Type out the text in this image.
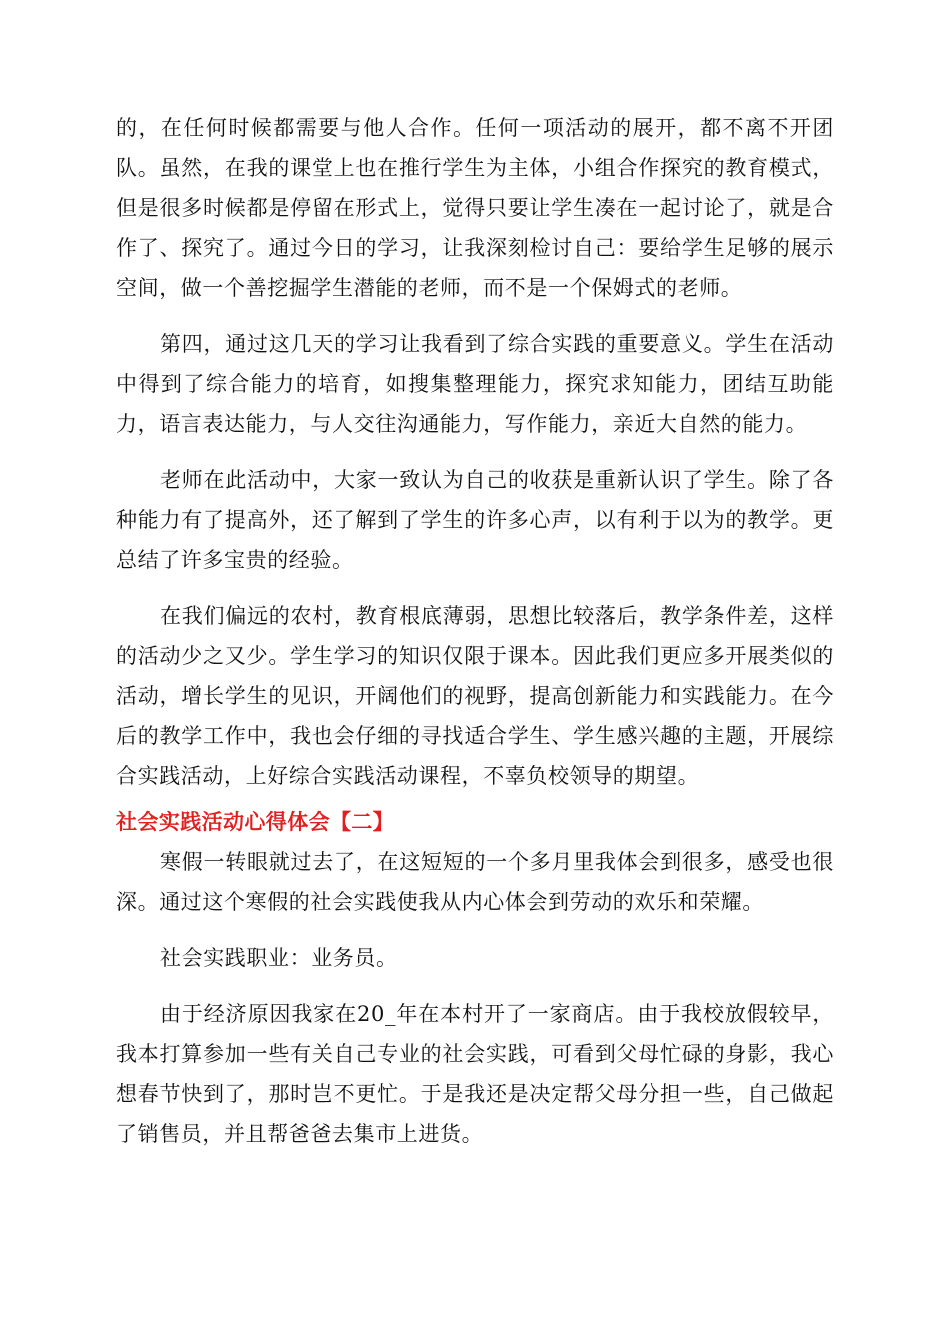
的，在任何时候都需要与他人合作。任何一项活动的展开，都不离不开团队。虽然，在我的课堂上也在推行学生为主体，小组合作探究的教育模式，但是很多时候都是停留在形式上，觉得只要让学生凑在一起讨论了，就是合作了、探究了。通过今日的学习，让我深刻检讨自己：要给学生足够的展示空间，做一个善挖掘学生潜能的老师，而不是一个保姆式的老师。

第四，通过这几天的学习让我看到了综合实践的重要意义。学生在活动中得到了综合能力的培育，如搜集整理能力，探究求知能力，团结互助能力，语言表达能力，与人交往沟通能力，写作能力，亲近大自然的能力。

老师在此活动中，大家一致认为自己的收获是重新认识了学生。除了各种能力有了提高外，还了解到了学生的许多心声，以有利于以为的教学。更总结了许多宝贵的经验。

在我们偏远的农村，教育根底薄弱，思想比较落后，教学条件差，这样的活动少之又少。学生学习的知识仅限于课本。因此我们更应多开展类似的活动，增长学生的见识，开阔他们的视野，提高创新能力和实践能力。在今后的教学工作中，我也会仔细的寻找适合学生、学生感兴趣的主题，开展综合实践活动，上好综合实践活动课程，不辜负校领导的期望。

社会实践活动心得体会【二】

寒假一转眼就过去了，在这短短的一个多月里我体会到很多，感受也很深。通过这个寒假的社会实践使我从内心体会到劳动的欢乐和荣耀。

社会实践职业：业务员。

由于经济原因我家在20_年在本村开了一家商店。由于我校放假较早，我本打算参加一些有关自己专业的社会实践，可看到父母忙碌的身影，我心想春节快到了，那时岂不更忙。于是我还是决定帮父母分担一些，自己做起了销售员，并且帮爸爸去集市上进货。
